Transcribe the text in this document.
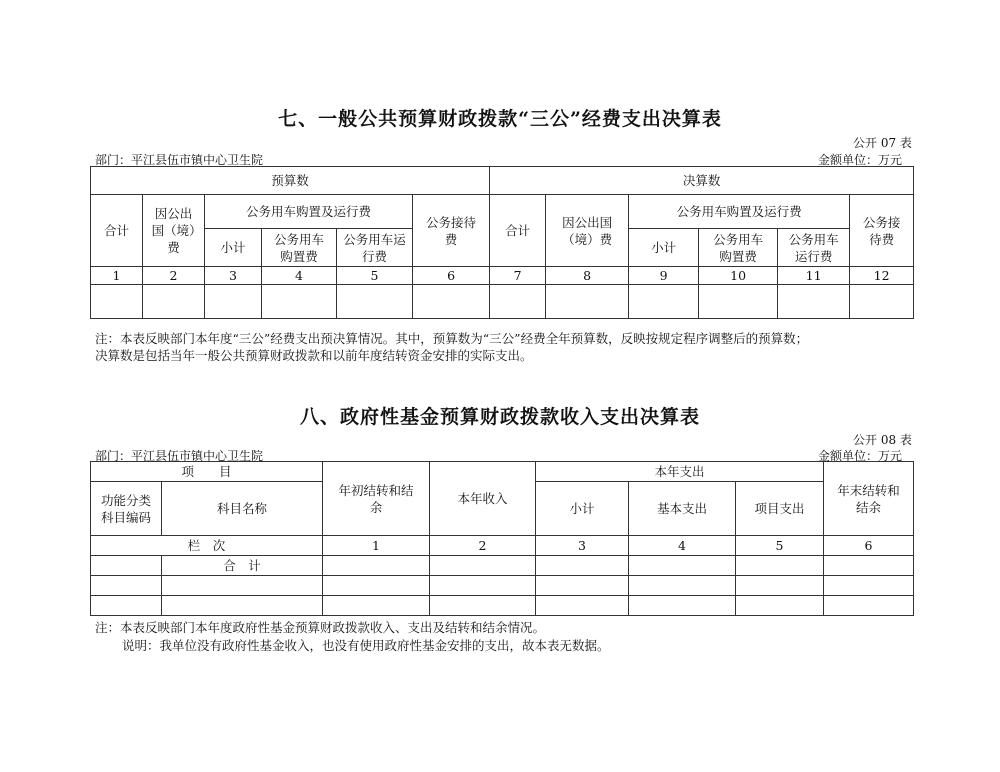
七、一般公共预算财政拨款“三公”经费支出决算表
公开 07 表
部门：平江县伍市镇中心卫生院	金额单位：万元
预算数						决算数					
合计	因公出国（境）费	公务用车购置及运行费			公务接待费	合计	因公出国（境）费	公务用车购置及运行费			公务接待费
		小计	公务用车购置费	公务用车运行费				小计	公务用车购置费	公务用车运行费	
1	2	3	4	5	6	7	8	9	10	11	12

注：本表反映部门本年度“三公”经费支出预决算情况。其中，预算数为“三公”经费全年预算数，反映按规定程序调整后的预算数；
决算数是包括当年一般公共预算财政拨款和以前年度结转资金安排的实际支出。
八、政府性基金预算财政拨款收入支出决算表
公开 08 表
部门：平江县伍市镇中心卫生院	金额单位：万元
项　　目		年初结转和结余	本年收入	本年支出			年末结转和结余
功能分类科目编码	科目名称			小计	基本支出	项目支出	
栏　次		1	2	3	4	5	6
	合　计						

注：本表反映部门本年度政府性基金预算财政拨款收入、支出及结转和结余情况。
说明：我单位没有政府性基金收入，也没有使用政府性基金安排的支出，故本表无数据。
